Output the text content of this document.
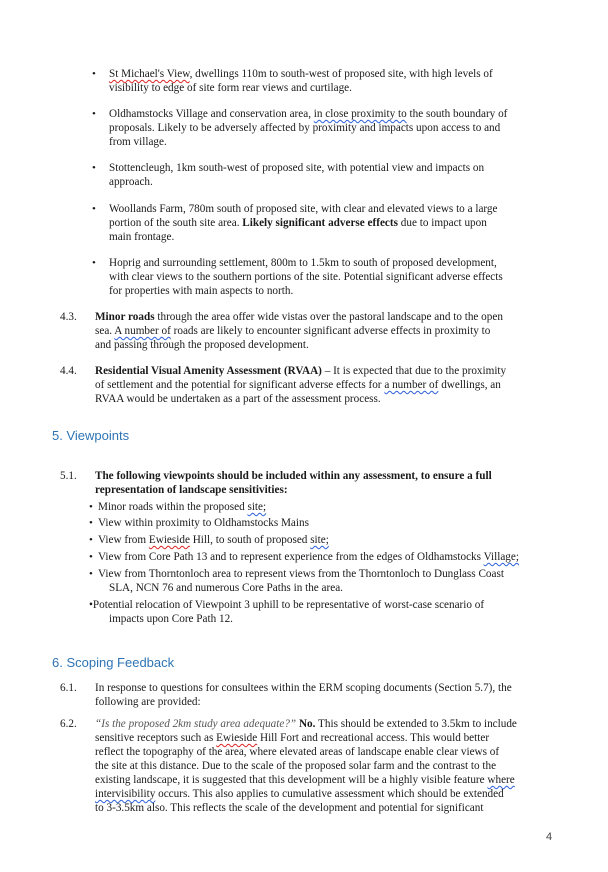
• St Michael's View, dwellings 110m to south-west of proposed site, with high levels of
visibility to edge of site form rear views and curtilage.
• Oldhamstocks Village and conservation area, in close proximity to the south boundary of
proposals. Likely to be adversely affected by proximity and impacts upon access to and
from village.
• Stottencleugh, 1km south-west of proposed site, with potential view and impacts on
approach.
• Woollands Farm, 780m south of proposed site, with clear and elevated views to a large
portion of the south site area. Likely significant adverse effects due to impact upon
main frontage.
• Hoprig and surrounding settlement, 800m to 1.5km to south of proposed development,
with clear views to the southern portions of the site. Potential significant adverse effects
for properties with main aspects to north.
4.3. Minor roads through the area offer wide vistas over the pastoral landscape and to the open
sea. A number of roads are likely to encounter significant adverse effects in proximity to
and passing through the proposed development.
4.4. Residential Visual Amenity Assessment (RVAA) – It is expected that due to the proximity
of settlement and the potential for significant adverse effects for a number of dwellings, an
RVAA would be undertaken as a part of the assessment process.
5. Viewpoints
5.1. The following viewpoints should be included within any assessment, to ensure a full
representation of landscape sensitivities:
• Minor roads within the proposed site;
• View within proximity to Oldhamstocks Mains
• View from Ewieside Hill, to south of proposed site;
• View from Core Path 13 and to represent experience from the edges of Oldhamstocks Village;
• View from Thorntonloch area to represent views from the Thorntonloch to Dunglass Coast
SLA, NCN 76 and numerous Core Paths in the area.
•Potential relocation of Viewpoint 3 uphill to be representative of worst-case scenario of
impacts upon Core Path 12.
6. Scoping Feedback
6.1. In response to questions for consultees within the ERM scoping documents (Section 5.7), the
following are provided:
6.2. “Is the proposed 2km study area adequate?” No. This should be extended to 3.5km to include
sensitive receptors such as Ewieside Hill Fort and recreational access. This would better
reflect the topography of the area, where elevated areas of landscape enable clear views of
the site at this distance. Due to the scale of the proposed solar farm and the contrast to the
existing landscape, it is suggested that this development will be a highly visible feature where
intervisibility occurs. This also applies to cumulative assessment which should be extended
to 3-3.5km also. This reflects the scale of the development and potential for significant
4
